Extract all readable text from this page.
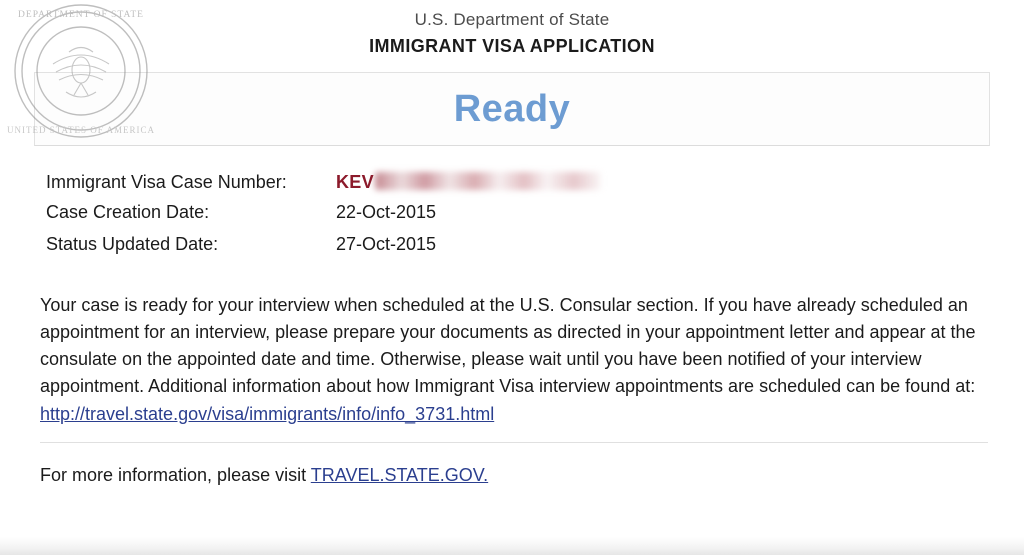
DEPARTMENT OF STATE
UNITED STATES OF AMERICA
U.S. Department of State
IMMIGRANT VISA APPLICATION
Ready
Immigrant Visa Case Number:	KEV
Case Creation Date:	22-Oct-2015
Status Updated Date:	27-Oct-2015
Your case is ready for your interview when scheduled at the U.S. Consular section. If you have already scheduled an appointment for an interview, please prepare your documents as directed in your appointment letter and appear at the consulate on the appointed date and time. Otherwise, please wait until you have been notified of your interview appointment. Additional information about how Immigrant Visa interview appointments are scheduled can be found at:
http://travel.state.gov/visa/immigrants/info/info_3731.html
For more information, please visit TRAVEL.STATE.GOV.
